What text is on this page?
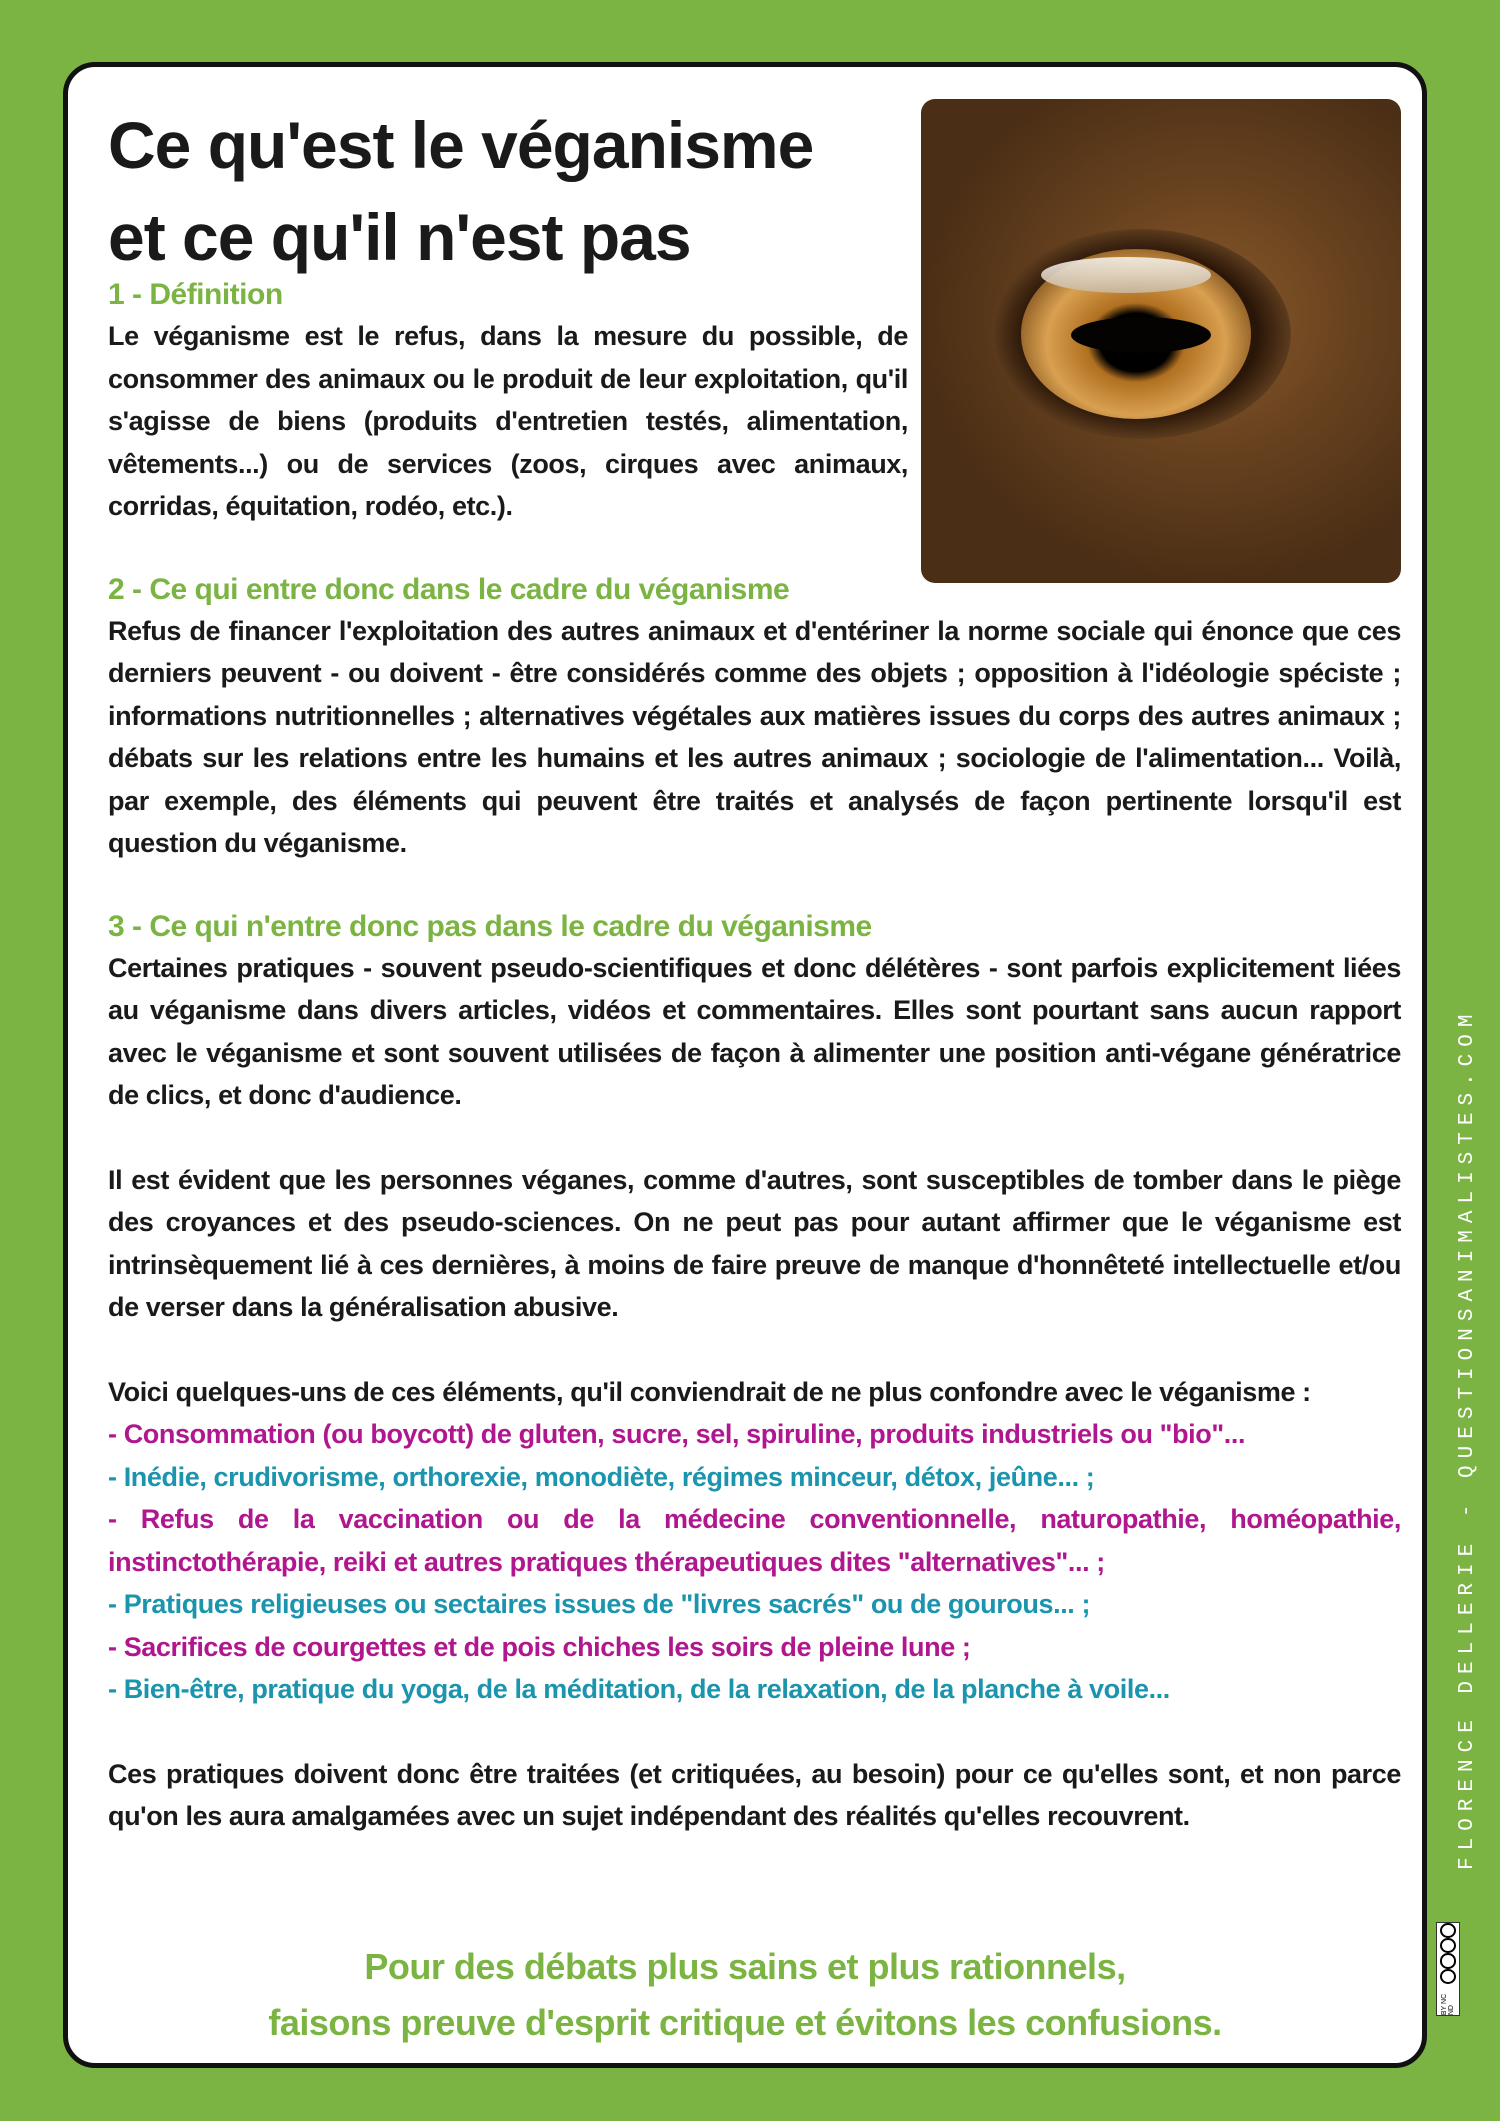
Ce qu'est le véganisme
et ce qu'il n'est pas
1 - Définition

Le véganisme est le refus, dans la mesure du possible, de consommer des animaux ou le produit de leur exploitation, qu'il s'agisse de biens (produits d'entretien testés, alimentation, vêtements...) ou de services (zoos, cirques avec animaux, corridas, équitation, rodéo, etc.).

2 - Ce qui entre donc dans le cadre du véganisme

Refus de financer l'exploitation des autres animaux et d'entériner la norme sociale qui énonce que ces derniers peuvent - ou doivent - être considérés comme des objets ; opposition à l'idéologie spéciste ; informations nutritionnelles ; alternatives végétales aux matières issues du corps des autres animaux ; débats sur les relations entre les humains et les autres animaux ; sociologie de l'alimentation... Voilà, par exemple, des éléments qui peuvent être traités et analysés de façon pertinente lorsqu'il est question du véganisme.

3 - Ce qui n'entre donc pas dans le cadre du véganisme

Certaines pratiques - souvent pseudo-scientifiques et donc délétères - sont parfois explicitement liées au véganisme dans divers articles, vidéos et commentaires. Elles sont pourtant sans aucun rapport avec le véganisme et sont souvent utilisées de façon à alimenter une position anti-végane génératrice de clics, et donc d'audience.

Il est évident que les personnes véganes, comme d'autres, sont susceptibles de tomber dans le piège des croyances et des pseudo-sciences. On ne peut pas pour autant affirmer que le véganisme est intrinsèquement lié à ces dernières, à moins de faire preuve de manque d'honnêteté intellectuelle et/ou de verser dans la généralisation abusive.

Voici quelques-uns de ces éléments, qu'il conviendrait de ne plus confondre avec le véganisme :

- Consommation (ou boycott) de gluten, sucre, sel, spiruline, produits industriels ou "bio"...

- Inédie, crudivorisme, orthorexie, monodiète, régimes minceur, détox, jeûne... ;

- Refus de la vaccination ou de la médecine conventionnelle, naturopathie, homéopathie, instinctothérapie, reiki et autres pratiques thérapeutiques dites "alternatives"... ;

- Pratiques religieuses ou sectaires issues de "livres sacrés" ou de gourous... ;

- Sacrifices de courgettes et de pois chiches les soirs de pleine lune ;

- Bien-être, pratique du yoga, de la méditation, de la relaxation, de la planche à voile...

Ces pratiques doivent donc être traitées (et critiquées, au besoin) pour ce qu'elles sont, et non parce qu'on les aura amalgamées avec un sujet indépendant des réalités qu'elles recouvrent.

Pour des débats plus sains et plus rationnels,
faisons preuve d'esprit critique et évitons les confusions.
FLORENCE DELLERIE - QUESTIONSANIMALISTES.COM
BY NC ND
